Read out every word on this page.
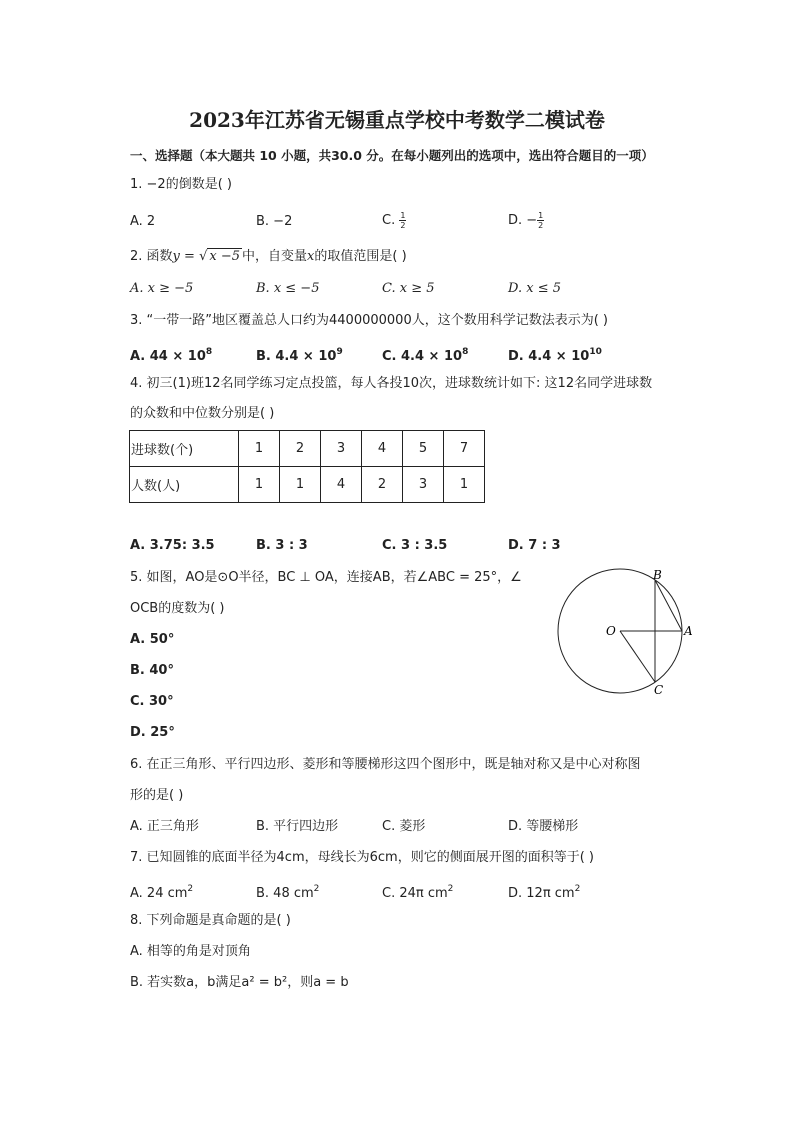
2023年江苏省无锡重点学校中考数学二模试卷
一、选择题（本大题共 10 小题，共30.0 分。在每小题列出的选项中，选出符合题目的一项）
1. −2的倒数是( )
A. 2	B. −2	C. $\frac{1}{2}$	D. − $\frac{1}{2}$
2. 函数y = √ x −5 中，自变量x的取值范围是( )
A. x ≥ −5	B. x ≤ −5	C. x ≥ 5	D. x ≤ 5
3. “一带一路”地区覆盖总人口约为4400000000人，这个数用科学记数法表示为( )
A. $44 \times 10^8$	B. $4.4 \times 10^9$	C. $4.4 \times 10^8$	D. $4.4 \times 10^{10}$
4. 初三(1)班12名同学练习定点投篮，每人各投10次，进球数统计如下: 这12名同学进球数
的众数和中位数分别是( )
进球数(个)	1	2	3	4	5	7
人数(人)	1	1	4	2	3	1
A. 3.75: 3.5	B. 3 : 3	C. 3 : 3.5	D. 7 : 3
5. 如图，AO是⊙O半径，BC ⊥ OA，连接AB，若∠ABC = 25°，∠
OCB的度数为( )
A. 50°
B. 40°
C. 30°
D. 25°
O	A
B
C
6. 在正三角形、平行四边形、菱形和等腰梯形这四个图形中，既是轴对称又是中心对称图
形的是( )
A. 正三角形	B. 平行四边形	C. 菱形	D. 等腰梯形
7. 已知圆锥的底面半径为4cm，母线长为6cm，则它的侧面展开图的面积等于( )
A. 24 $cm^2$	B. 48 $cm^2$	C. 24π $cm^2$	D. 12π $cm^2$
8. 下列命题是真命题的是( )
A. 相等的角是对顶角
B. 若实数a，b满足a² = b²，则a = b
